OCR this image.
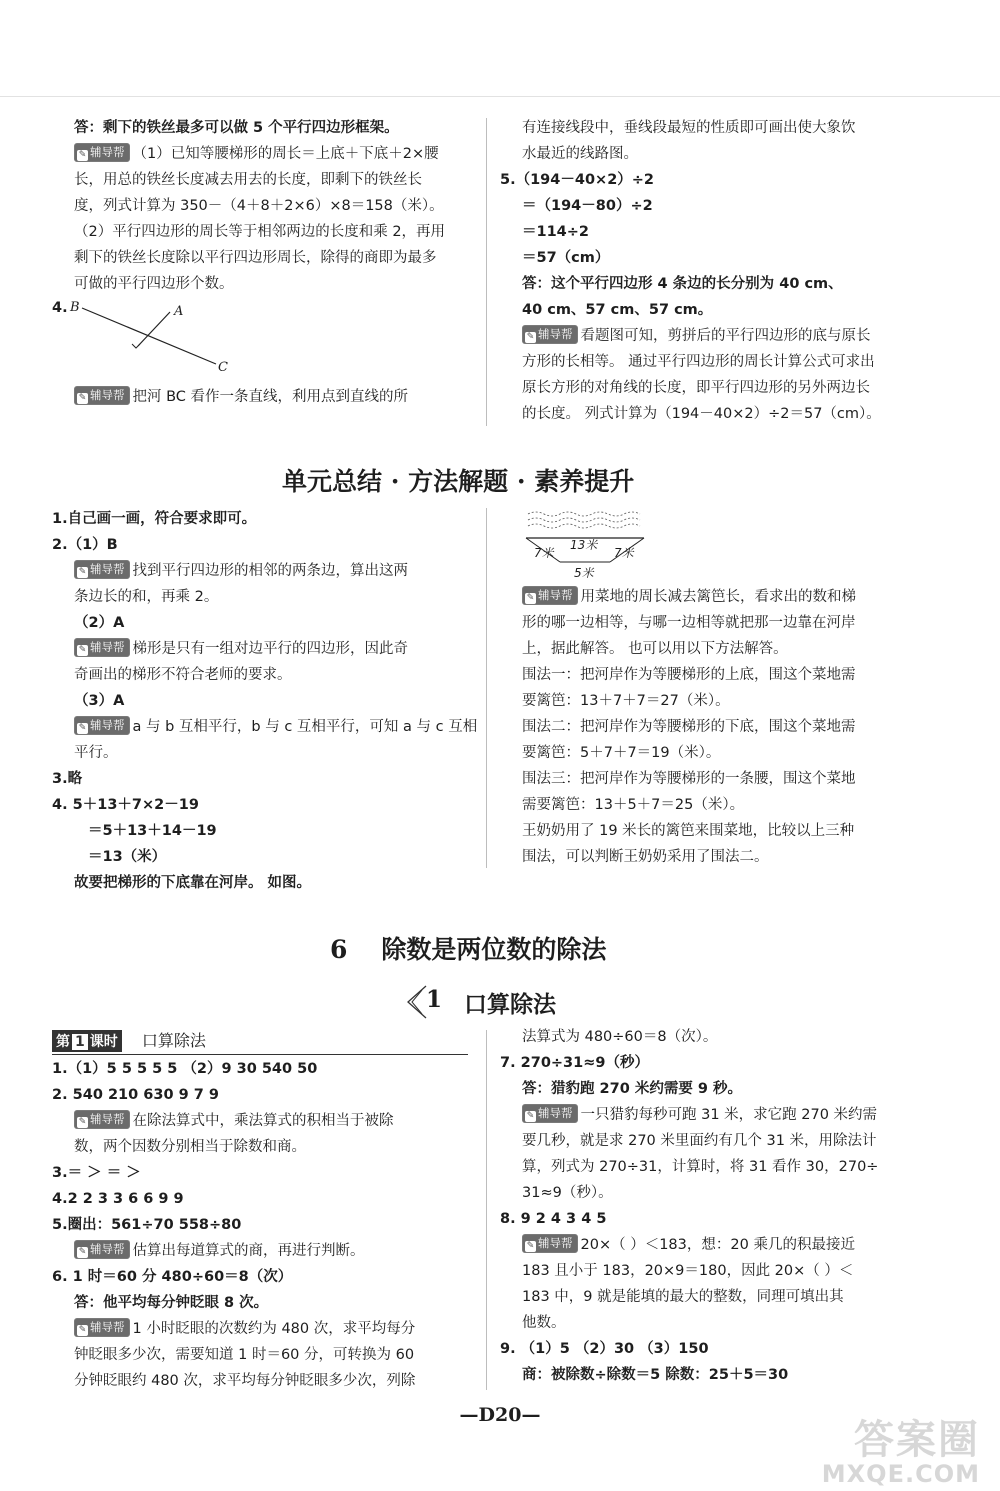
答：剩下的铁丝最多可以做 5 个平行四边形框架。
✎ 辅导帮 （1）已知等腰梯形的周长＝上底＋下底＋2×腰
长，用总的铁丝长度减去用去的长度，即剩下的铁丝长
度，列式计算为 350－（4＋8＋2×6）×8＝158（米）。
（2）平行四边形的周长等于相邻两边的长度和乘 2，再用
剩下的铁丝长度除以平行四边形周长，除得的商即为最多
可做的平行四边形个数。
4. B	A
C
✎ 辅导帮 把河 BC 看作一条直线，利用点到直线的所
有连接线段中，垂线段最短的性质即可画出使大象饮
水最近的线路图。
5.（194－40×2）÷2
＝（194－80）÷2
＝114÷2
＝57（cm）
答：这个平行四边形 4 条边的长分别为 40 cm、
40 cm、57 cm、57 cm。
✎ 辅导帮 看题图可知，剪拼后的平行四边形的底与原长
方形的长相等。 通过平行四边形的周长计算公式可求出
原长方形的对角线的长度，即平行四边形的另外两边长
的长度。 列式计算为（194－40×2）÷2＝57（cm）。
单元总结 · 方法解题 · 素养提升
1.自己画一画，符合要求即可。
2.（1）B
✎ 辅导帮 找到平行四边形的相邻的两条边，算出这两
条边长的和，再乘 2。
（2）A
✎ 辅导帮 梯形是只有一组对边平行的四边形，因此奇
奇画出的梯形不符合老师的要求。
（3）A
✎ 辅导帮 a 与 b 互相平行，b 与 c 互相平行，可知 a 与 c 互相
平行。
3.略
4. 5＋13＋7×2－19
＝5＋13＋14－19
＝13（米）
故要把梯形的下底靠在河岸。 如图。
13米
7米	7米
5米
✎ 辅导帮 用菜地的周长减去篱笆长，看求出的数和梯
形的哪一边相等，与哪一边相等就把那一边靠在河岸
上，据此解答。 也可以用以下方法解答。
围法一：把河岸作为等腰梯形的上底，围这个菜地需
要篱笆：13＋7＋7＝27（米）。
围法二：把河岸作为等腰梯形的下底，围这个菜地需
要篱笆：5＋7＋7＝19（米）。
围法三：把河岸作为等腰梯形的一条腰，围这个菜地
需要篱笆：13＋5＋7＝25（米）。
王奶奶用了 19 米长的篱笆来围菜地，比较以上三种
围法，可以判断王奶奶采用了围法二。
6 除数是两位数的除法
1 口算除法
第 1 课时 口算除法
1.（1）5 5 5 5 5 （2）9 30 540 50
2. 540 210 630 9 7 9
✎ 辅导帮 在除法算式中，乘法算式的积相当于被除
数，两个因数分别相当于除数和商。
3.＝ ＞ ＝ ＞
4.2 2 3 3 6 6 9 9
5.圈出：561÷70 558÷80
✎ 辅导帮 估算出每道算式的商，再进行判断。
6. 1 时＝60 分 480÷60＝8（次）
答：他平均每分钟眨眼 8 次。
✎ 辅导帮 1 小时眨眼的次数约为 480 次，求平均每分
钟眨眼多少次，需要知道 1 时＝60 分，可转换为 60
分钟眨眼约 480 次，求平均每分钟眨眼多少次，列除
法算式为 480÷60＝8（次）。
7. 270÷31≈9（秒）
答：猎豹跑 270 米约需要 9 秒。
✎ 辅导帮 一只猎豹每秒可跑 31 米，求它跑 270 米约需
要几秒，就是求 270 米里面约有几个 31 米，用除法计
算，列式为 270÷31，计算时，将 31 看作 30，270÷
31≈9（秒）。
8. 9 2 4 3 4 5
✎ 辅导帮 20×（ ）＜183，想：20 乘几的积最接近
183 且小于 183，20×9＝180，因此 20×（ ）＜
183 中，9 就是能填的最大的整数，同理可填出其
他数。
9. （1）5 （2）30 （3）150
商：被除数÷除数＝5 除数：25＋5＝30
—D20—
答案圈
MXQE.COM
